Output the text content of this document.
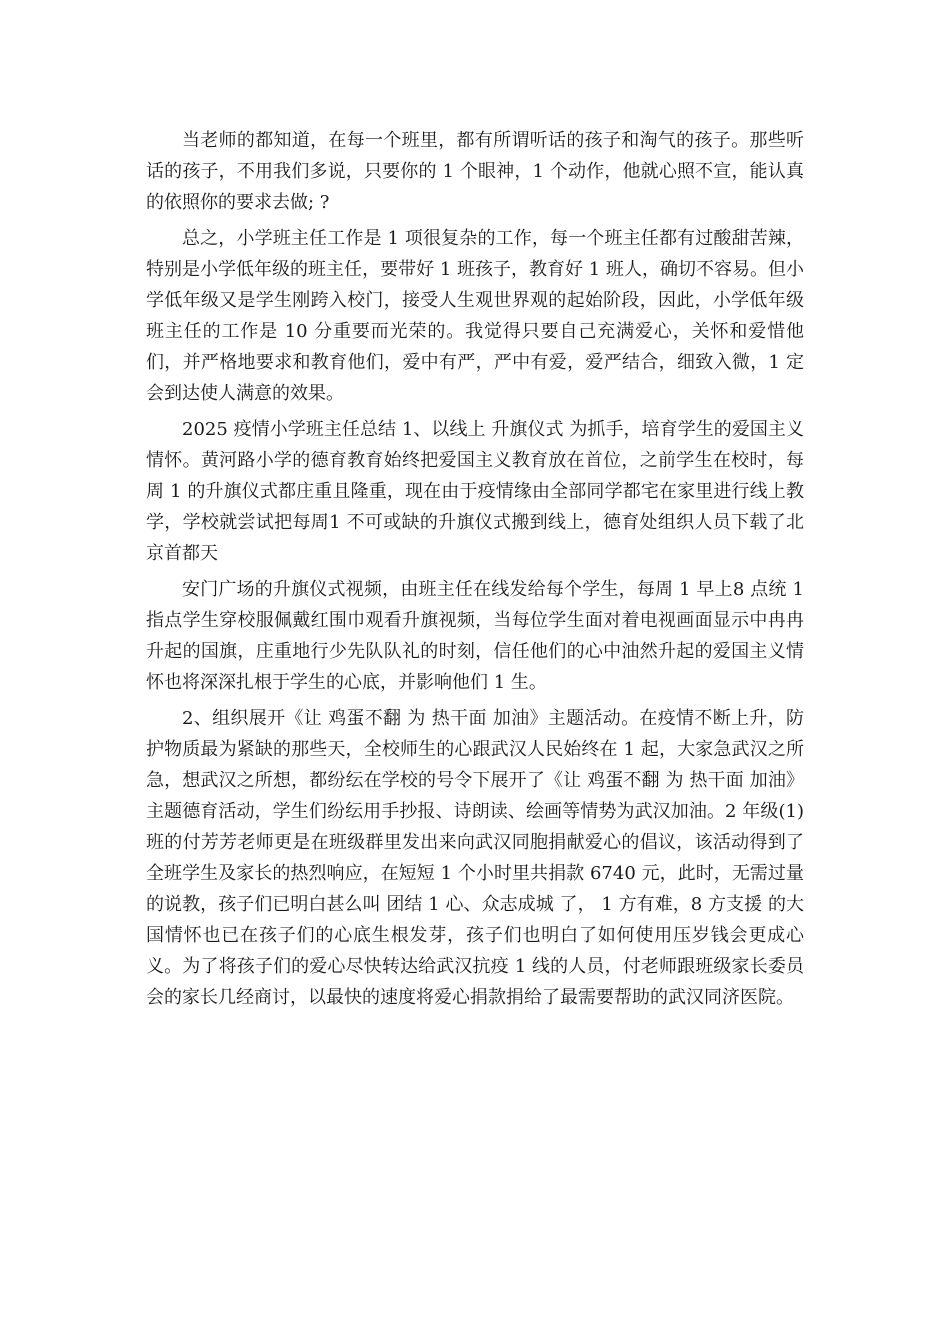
当老师的都知道，在每一个班里，都有所谓听话的孩子和淘气的孩子。那些听话的孩子，不用我们多说，只要你的 1 个眼神，1 个动作，他就心照不宣，能认真的依照你的要求去做; ?

总之，小学班主任工作是 1 项很复杂的工作，每一个班主任都有过酸甜苦辣，特别是小学低年级的班主任，要带好 1 班孩子，教育好 1 班人，确切不容易。但小学低年级又是学生刚跨入校门，接受人生观世界观的起始阶段，因此，小学低年级班主任的工作是 10 分重要而光荣的。我觉得只要自己充满爱心，关怀和爱惜他们，并严格地要求和教育他们，爱中有严，严中有爱，爱严结合，细致入微，1 定会到达使人满意的效果。

2025 疫情小学班主任总结 1、以线上 升旗仪式 为抓手，培育学生的爱国主义情怀。黄河路小学的德育教育始终把爱国主义教育放在首位，之前学生在校时，每周 1 的升旗仪式都庄重且隆重，现在由于疫情缘由全部同学都宅在家里进行线上教学，学校就尝试把每周1 不可或缺的升旗仪式搬到线上，德育处组织人员下载了北京首都天

安门广场的升旗仪式视频，由班主任在线发给每个学生，每周 1 早上8 点统 1 指点学生穿校服佩戴红围巾观看升旗视频，当每位学生面对着电视画面显示中冉冉升起的国旗，庄重地行少先队队礼的时刻，信任他们的心中油然升起的爱国主义情怀也将深深扎根于学生的心底，并影响他们 1 生。

2、组织展开《让 鸡蛋不翻 为 热干面 加油》主题活动。在疫情不断上升，防护物质最为紧缺的那些天，全校师生的心跟武汉人民始终在 1 起，大家急武汉之所急，想武汉之所想，都纷纭在学校的号令下展开了《让 鸡蛋不翻 为 热干面 加油》主题德育活动，学生们纷纭用手抄报、诗朗读、绘画等情势为武汉加油。2 年级(1)班的付芳芳老师更是在班级群里发出来向武汉同胞捐献爱心的倡议，该活动得到了全班学生及家长的热烈响应，在短短 1 个小时里共捐款 6740 元，此时，无需过量的说教，孩子们已明白甚么叫 团结 1 心、众志成城 了， 1 方有难，8 方支援 的大国情怀也已在孩子们的心底生根发芽，孩子们也明白了如何使用压岁钱会更成心义。为了将孩子们的爱心尽快转达给武汉抗疫 1 线的人员，付老师跟班级家长委员会的家长几经商讨，以最快的速度将爱心捐款捐给了最需要帮助的武汉同济医院。
